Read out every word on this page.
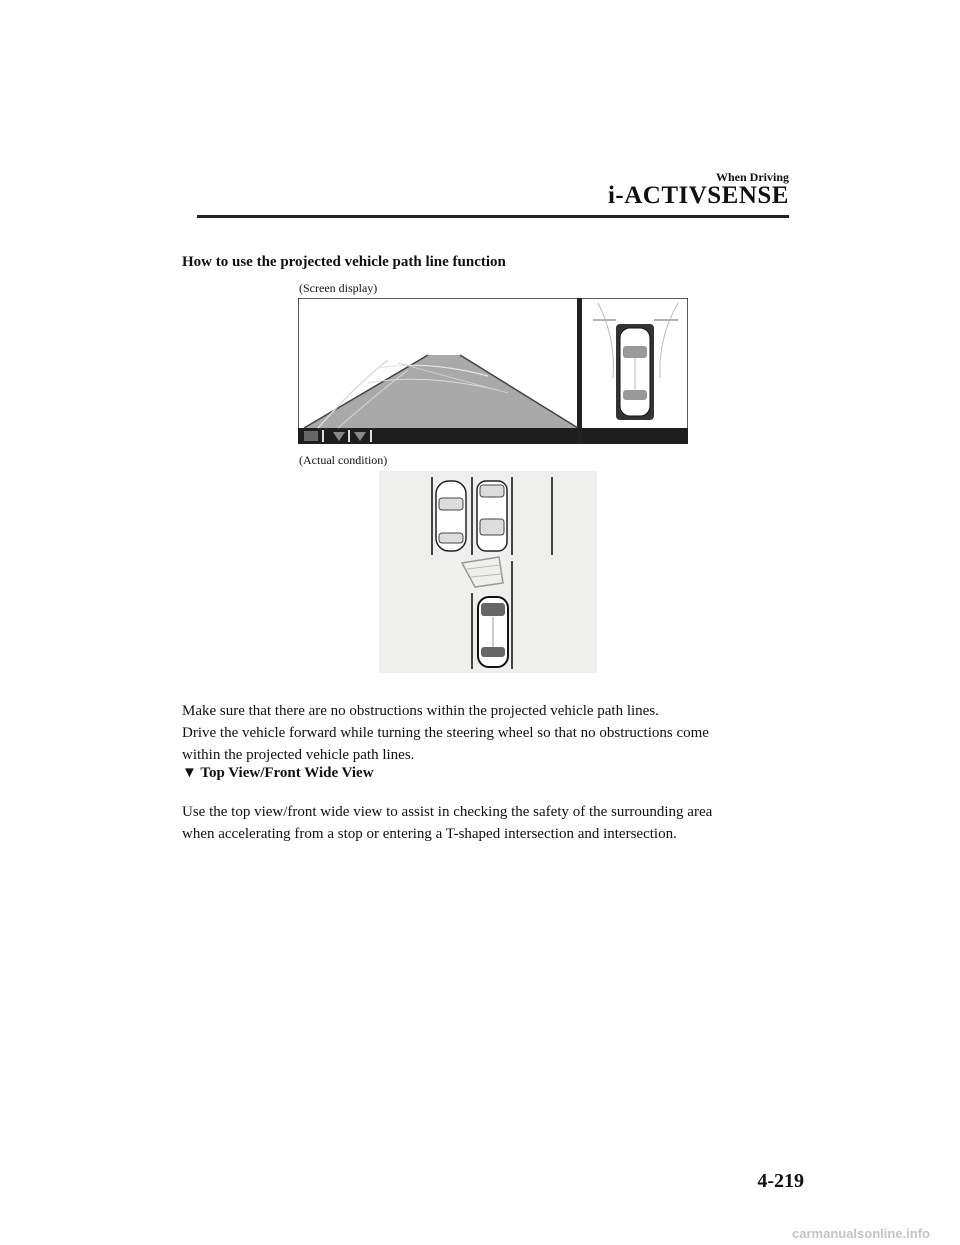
When Driving
i-ACTIVSENSE
How to use the projected vehicle path line function
(Screen display)
(Actual condition)
Make sure that there are no obstructions within the projected vehicle path lines.
Drive the vehicle forward while turning the steering wheel so that no obstructions come
within the projected vehicle path lines.
▼ Top View/Front Wide View
Use the top view/front wide view to assist in checking the safety of the surrounding area
when accelerating from a stop or entering a T-shaped intersection and intersection.
4-219
carmanualsonline.info
